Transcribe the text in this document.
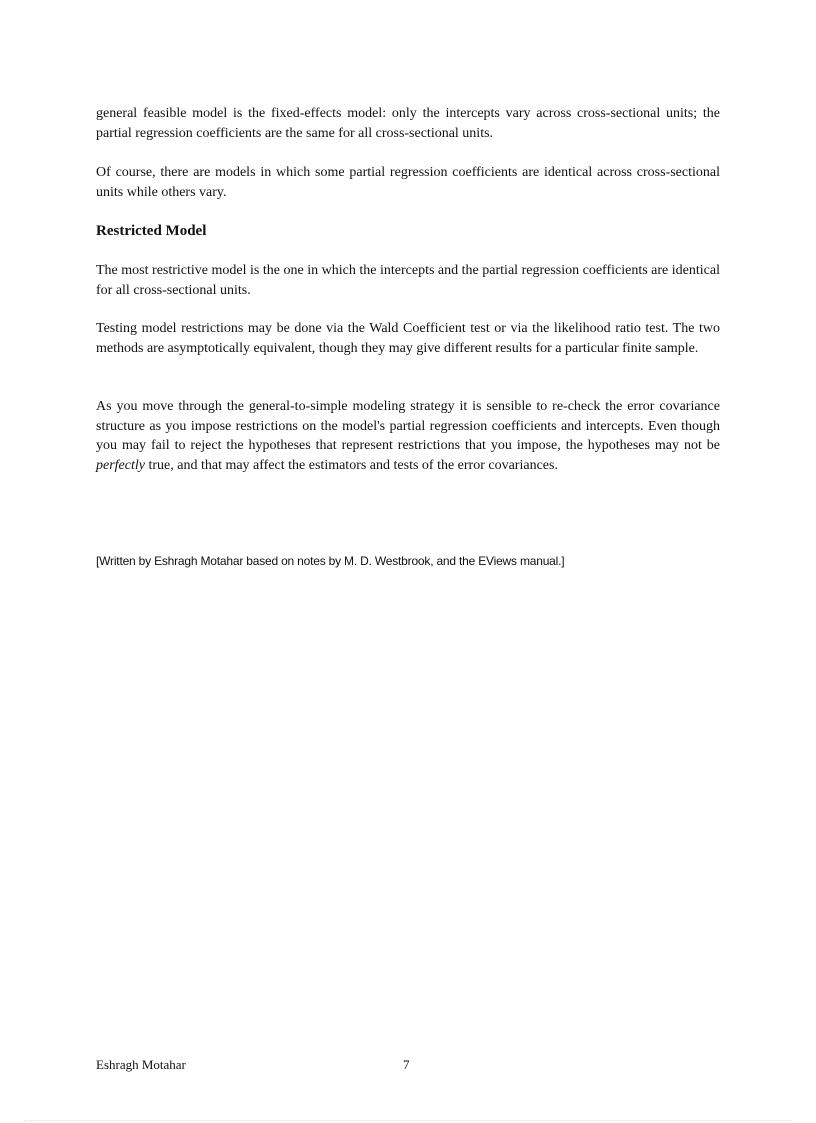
general feasible model is the fixed-effects model: only the intercepts vary across cross-sectional units; the partial regression coefficients are the same for all cross-sectional units.

Of course, there are models in which some partial regression coefficients are identical across cross-sectional units while others vary.

Restricted Model

The most restrictive model is the one in which the intercepts and the partial regression coefficients are identical for all cross-sectional units.

Testing model restrictions may be done via the Wald Coefficient test or via the likelihood ratio test. The two methods are asymptotically equivalent, though they may give different results for a particular finite sample.

As you move through the general-to-simple modeling strategy it is sensible to re-check the error covariance structure as you impose restrictions on the model's partial regression coefficients and intercepts. Even though you may fail to reject the hypotheses that represent restrictions that you impose, the hypotheses may not be perfectly true, and that may affect the estimators and tests of the error covariances.

[Written by Eshragh Motahar based on notes by M. D. Westbrook, and the EViews manual.]

Eshragh Motahar	7
